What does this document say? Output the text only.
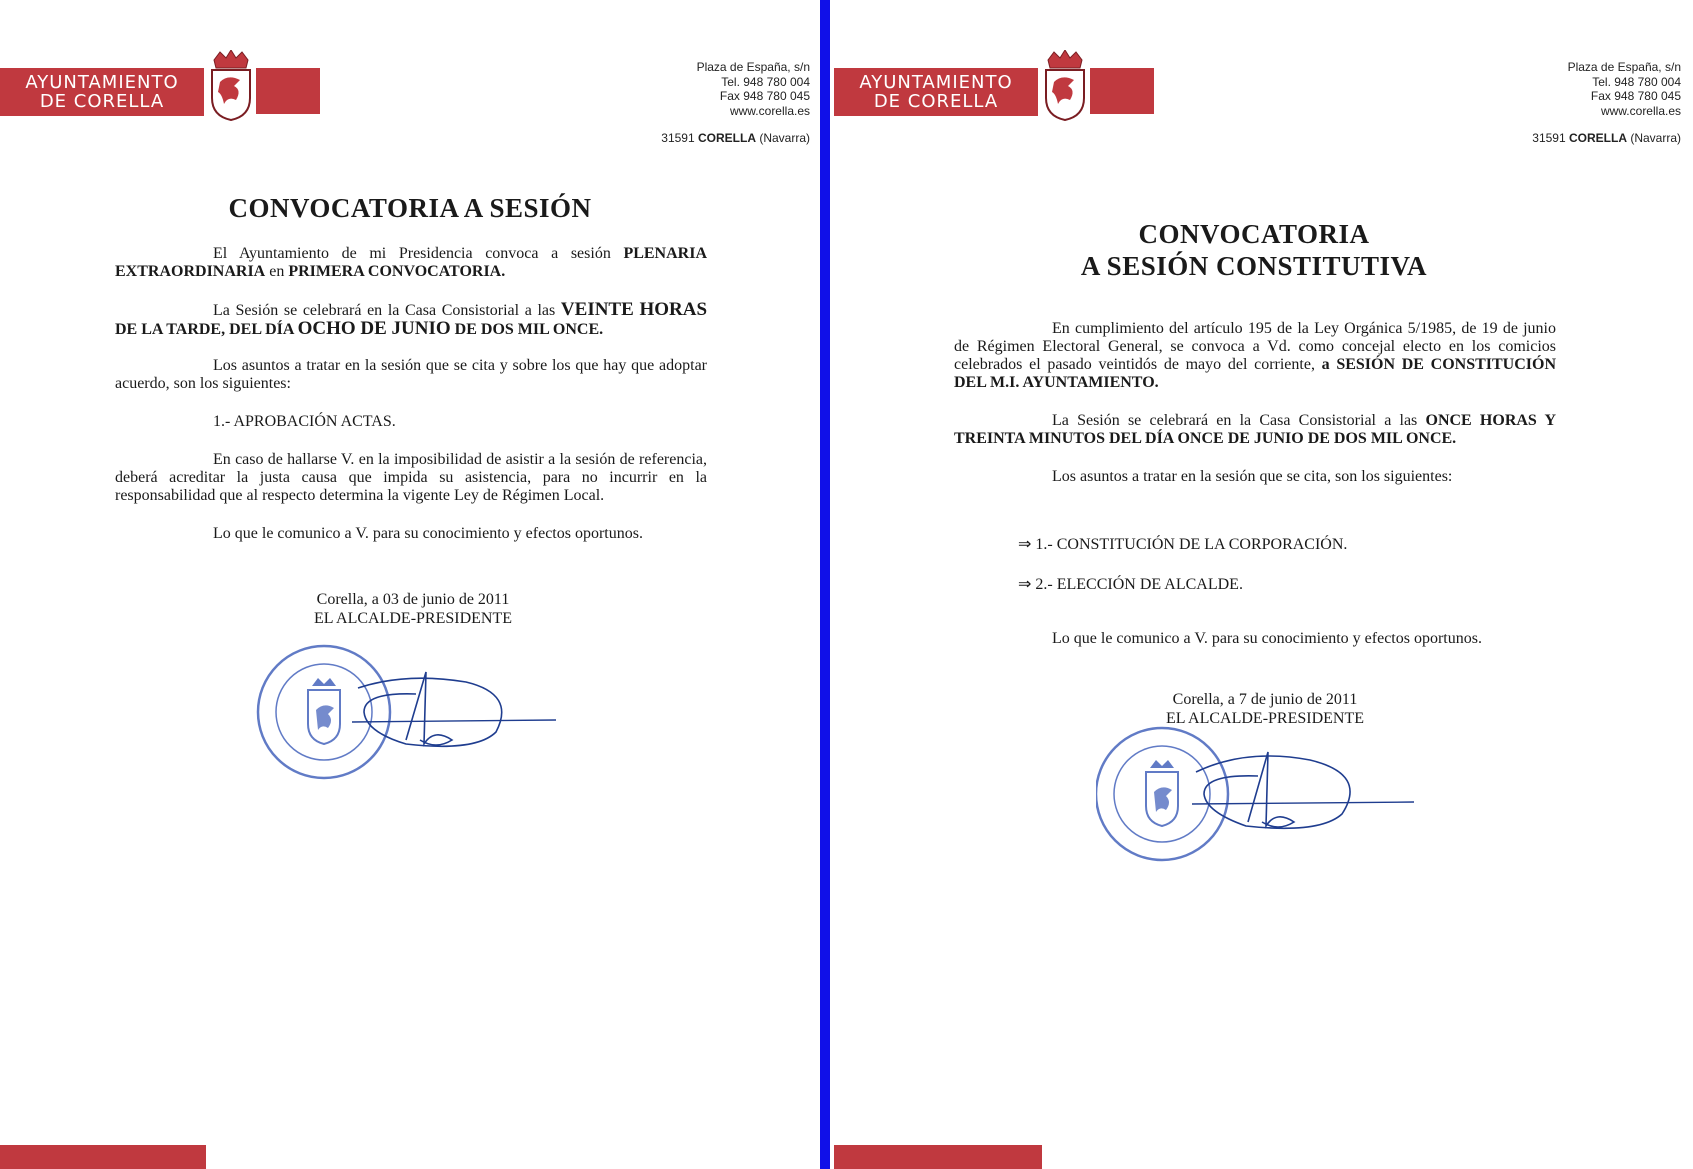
AYUNTAMIENTO
DE CORELLA
Plaza de España, s/n
Tel. 948 780 004
Fax 948 780 045
www.corella.es
31591 CORELLA (Navarra)
CONVOCATORIA A SESIÓN

El Ayuntamiento de mi Presidencia convoca a sesión PLENARIA EXTRAORDINARIA en PRIMERA CONVOCATORIA.

La Sesión se celebrará en la Casa Consistorial a las VEINTE HORAS DE LA TARDE, DEL DÍA OCHO DE JUNIO DE DOS MIL ONCE.

Los asuntos a tratar en la sesión que se cita y sobre los que hay que adoptar acuerdo, son los siguientes:

1.- APROBACIÓN ACTAS.

En caso de hallarse V. en la imposibilidad de asistir a la sesión de referencia, deberá acreditar la justa causa que impida su asistencia, para no incurrir en la responsabilidad que al respecto determina la vigente Ley de Régimen Local.

Lo que le comunico a V. para su conocimiento y efectos oportunos.

Corella, a 03 de junio de 2011
EL ALCALDE-PRESIDENTE
AYUNTAMIENTO
DE CORELLA
Plaza de España, s/n
Tel. 948 780 004
Fax 948 780 045
www.corella.es
31591 CORELLA (Navarra)
CONVOCATORIA
A SESIÓN CONSTITUTIVA

En cumplimiento del artículo 195 de la Ley Orgánica 5/1985, de 19 de junio de Régimen Electoral General, se convoca a Vd. como concejal electo en los comicios celebrados el pasado veintidós de mayo del corriente, a SESIÓN DE CONSTITUCIÓN DEL M.I. AYUNTAMIENTO.

La Sesión se celebrará en la Casa Consistorial a las ONCE HORAS Y TREINTA MINUTOS DEL DÍA ONCE DE JUNIO DE DOS MIL ONCE.

Los asuntos a tratar en la sesión que se cita, son los siguientes:

⇒ 1.- CONSTITUCIÓN DE LA CORPORACIÓN.
⇒ 2.- ELECCIÓN DE ALCALDE.

Lo que le comunico a V. para su conocimiento y efectos oportunos.

Corella, a 7 de junio de 2011
EL ALCALDE-PRESIDENTE
